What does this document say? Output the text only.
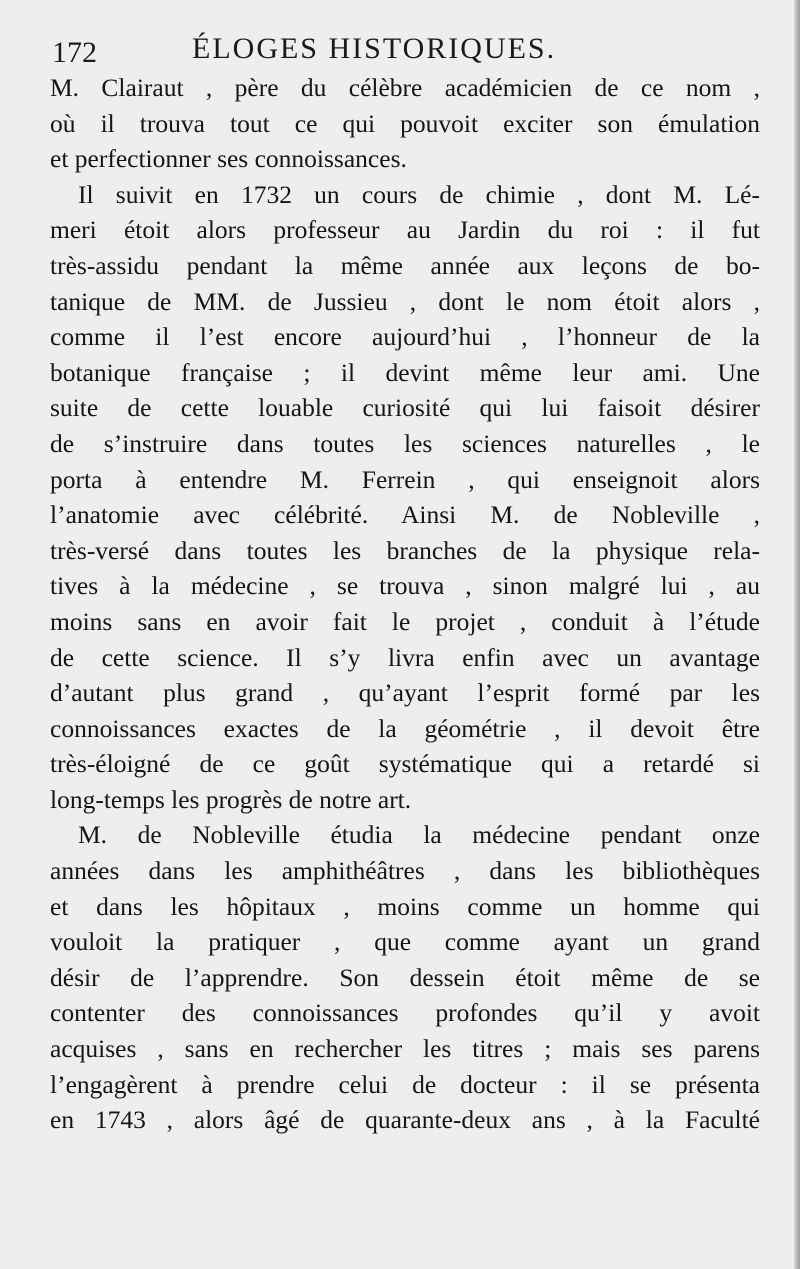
172	ÉLOGES HISTORIQUES.
M. Clairaut , père du célèbre académicien de ce nom ,
où il trouva tout ce qui pouvoit exciter son émulation
et perfectionner ses connoissances.
Il suivit en 1732 un cours de chimie , dont M. Lé-
meri étoit alors professeur au Jardin du roi : il fut
très-assidu pendant la même année aux leçons de bo-
tanique de MM. de Jussieu , dont le nom étoit alors ,
comme il l’est encore aujourd’hui , l’honneur de la
botanique française ; il devint même leur ami. Une
suite de cette louable curiosité qui lui faisoit désirer
de s’instruire dans toutes les sciences naturelles , le
porta à entendre M. Ferrein , qui enseignoit alors
l’anatomie avec célébrité. Ainsi M. de Nobleville ,
très-versé dans toutes les branches de la physique rela-
tives à la médecine , se trouva , sinon malgré lui , au
moins sans en avoir fait le projet , conduit à l’étude
de cette science. Il s’y livra enfin avec un avantage
d’autant plus grand , qu’ayant l’esprit formé par les
connoissances exactes de la géométrie , il devoit être
très-éloigné de ce goût systématique qui a retardé si
long-temps les progrès de notre art.
M. de Nobleville étudia la médecine pendant onze
années dans les amphithéâtres , dans les bibliothèques
et dans les hôpitaux , moins comme un homme qui
vouloit la pratiquer , que comme ayant un grand
désir de l’apprendre. Son dessein étoit même de se
contenter des connoissances profondes qu’il y avoit
acquises , sans en rechercher les titres ; mais ses parens
l’engagèrent à prendre celui de docteur : il se présenta
en 1743 , alors âgé de quarante-deux ans , à la Faculté
